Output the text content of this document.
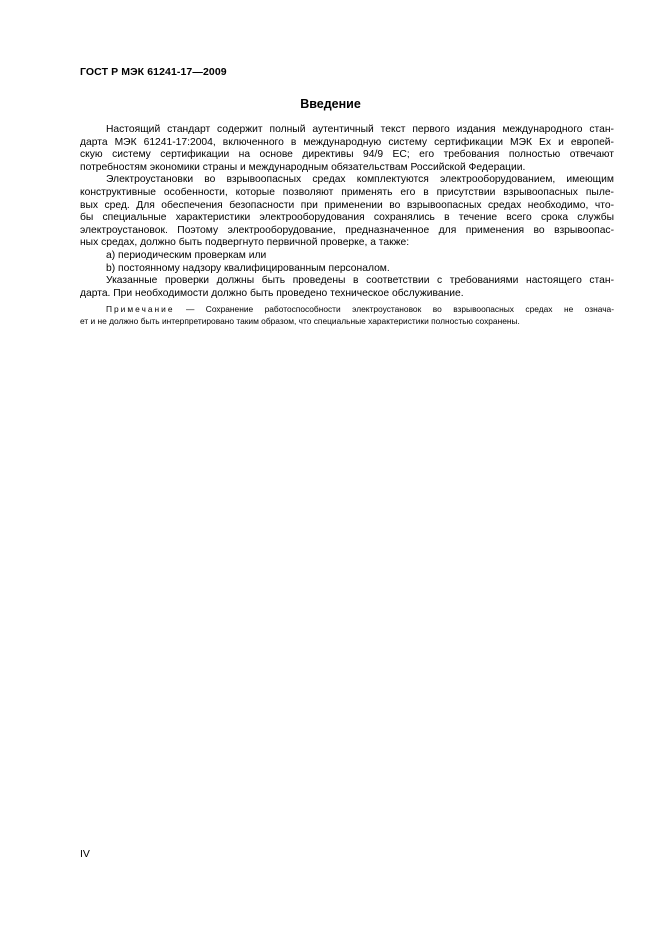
ГОСТ Р МЭК 61241-17—2009
Введение
Настоящий стандарт содержит полный аутентичный текст первого издания международного стан-
дарта МЭК 61241-17:2004, включенного в международную систему сертификации МЭК Ex и европей-
скую систему сертификации на основе директивы 94/9 ЕС; его требования полностью отвечают
потребностям экономики страны и международным обязательствам Российской Федерации.
Электроустановки во взрывоопасных средах комплектуются электрооборудованием, имеющим
конструктивные особенности, которые позволяют применять его в присутствии взрывоопасных пыле-
вых сред. Для обеспечения безопасности при применении во взрывоопасных средах необходимо, что-
бы специальные характеристики электрооборудования сохранялись в течение всего срока службы
электроустановок. Поэтому электрооборудование, предназначенное для применения во взрывоопас-
ных средах, должно быть подвергнуто первичной проверке, а также:
a) периодическим проверкам или
b) постоянному надзору квалифицированным персоналом.
Указанные проверки должны быть проведены в соответствии с требованиями настоящего стан-
дарта. При необходимости должно быть проведено техническое обслуживание.
Примечание — Сохранение работоспособности электроустановок во взрывоопасных средах не означа-
ет и не должно быть интерпретировано таким образом, что специальные характеристики полностью сохранены.
IV
